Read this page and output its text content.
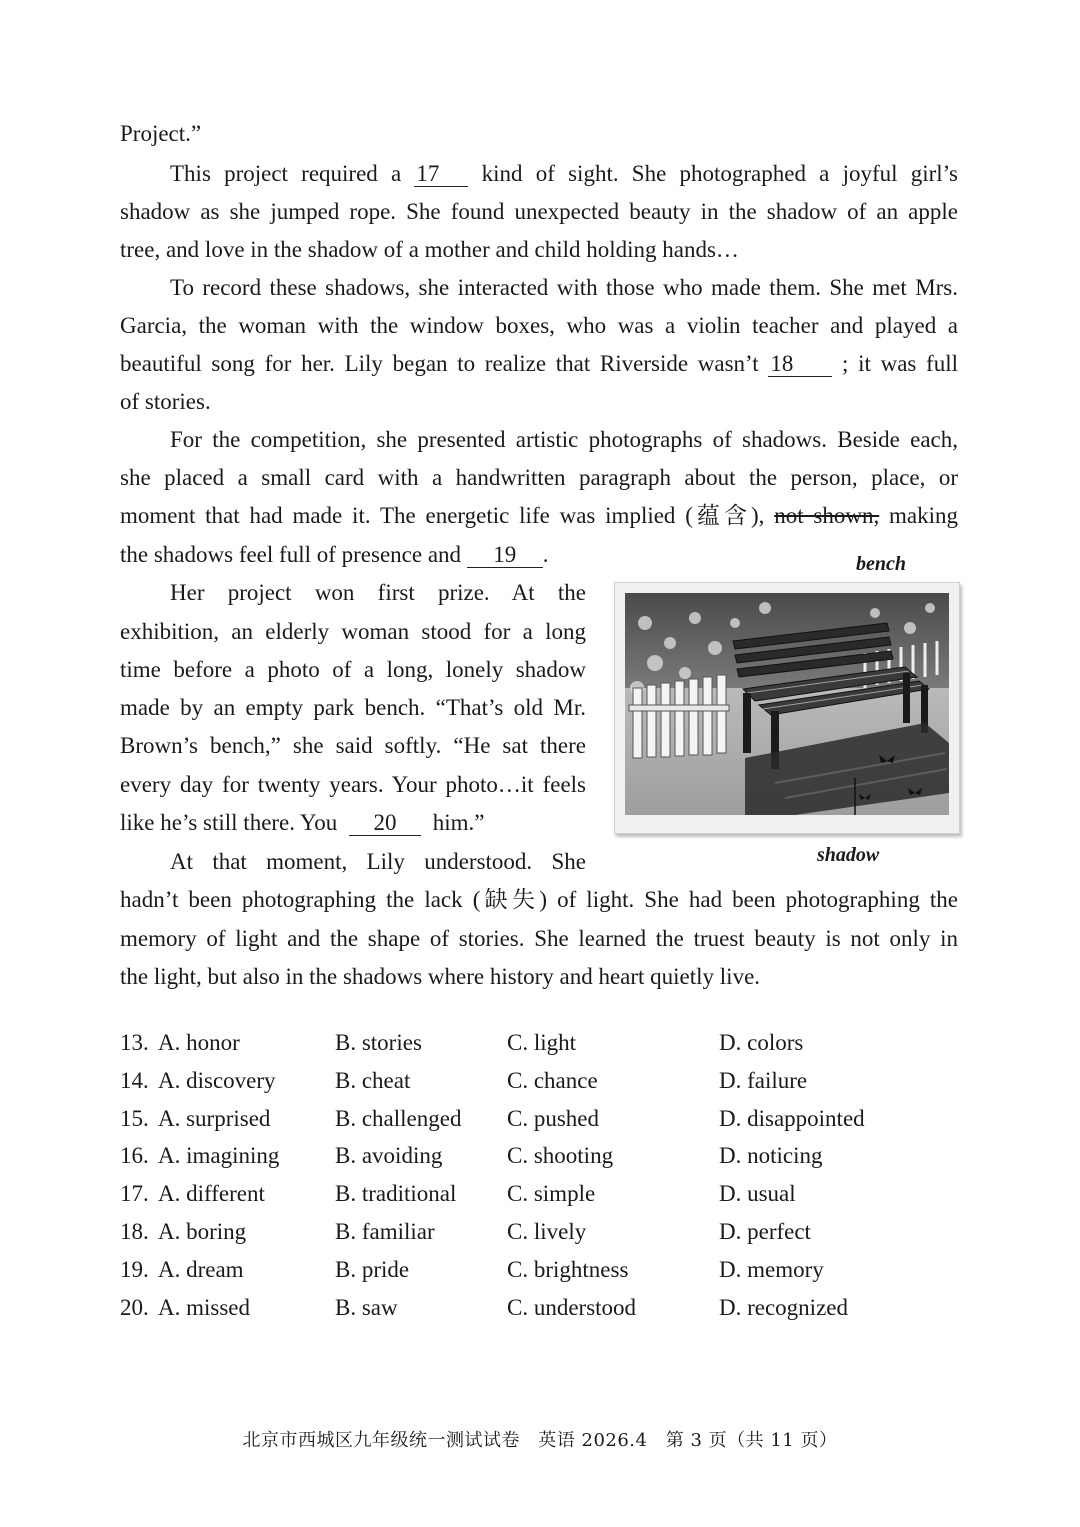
Project.”
This project required a 17 kind of sight. She photographed a joyful girl’s
shadow as she jumped rope. She found unexpected beauty in the shadow of an apple
tree, and love in the shadow of a mother and child holding hands…
To record these shadows, she interacted with those who made them. She met Mrs.
Garcia, the woman with the window boxes, who was a violin teacher and played a
beautiful song for her. Lily began to realize that Riverside wasn’t 18 ; it was full
of stories.
For the competition, she presented artistic photographs of shadows. Beside each,
she placed a small card with a handwritten paragraph about the person, place, or
moment that had made it. The energetic life was implied (蕴含), not shown, making
the shadows feel full of presence and 19 .
Her project won first prize. At the
exhibition, an elderly woman stood for a long
time before a photo of a long, lonely shadow
made by an empty park bench. “That’s old Mr.
Brown’s bench,” she said softly. “He sat there
every day for twenty years. Your photo…it feels
like he’s still there. You 20 him.”
At that moment, Lily understood. She
hadn’t been photographing the lack (缺失) of light. She had been photographing the
memory of light and the shape of stories. She learned the truest beauty is not only in
the light, but also in the shadows where history and heart quietly live.
bench
shadow
13. A. honor	B. stories	C. light	D. colors
14. A. discovery	B. cheat	C. chance	D. failure
15. A. surprised	B. challenged C. pushed	D. disappointed
16. A. imagining B. avoiding	C. shooting	D. noticing
17. A. different	B. traditional C. simple	D. usual
18. A. boring	B. familiar	C. lively	D. perfect
19. A. dream	B. pride	C. brightness	D. memory
20. A. missed	B. saw	C. understood	D. recognized
北京市西城区九年级统一测试试卷 英语 2026.4 第 3 页（共 11 页）
